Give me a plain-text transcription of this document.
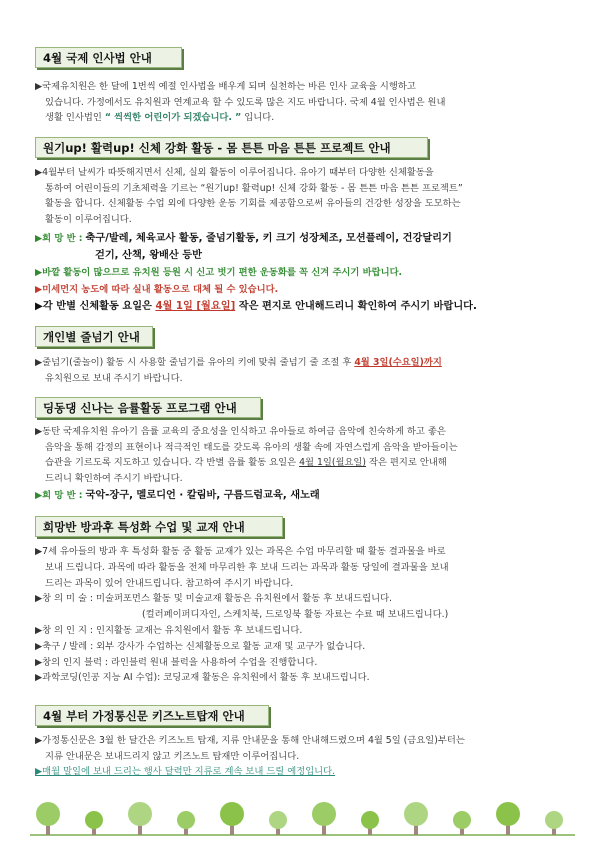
4월 국제 인사법 안내
▶국제유치원은 한 달에 1번씩 예절 인사법을 배우게 되며 실천하는 바른 인사 교육을 시행하고
있습니다. 가정에서도 유치원과 연계교육 할 수 있도록 많은 지도 바랍니다. 국제 4월 인사법은 원내
생활 인사법인 “ 씩씩한 어린이가 되겠습니다. ” 입니다.
원기up! 활력up! 신체 강화 활동 - 몸 튼튼 마음 튼튼 프로젝트 안내
▶4월부터 날씨가 따뜻해지면서 신체, 실외 활동이 이루어집니다. 유아기 때부터 다양한 신체활동을
통하여 어린이들의 기초체력을 기르는 “원기up! 활력up! 신체 강화 활동 - 몸 튼튼 마음 튼튼 프로젝트”
활동을 합니다. 신체활동 수업 외에 다양한 운동 기회를 제공함으로써 유아들의 건강한 성장을 도모하는
활동이 이루어집니다.
▶희 망 반 : 축구/발레, 체육교사 활동, 줄넘기활동, 키 크기 성장체조, 모션플레이, 건강달리기
걷기, 산책, 왕배산 등반
▶바깥 활동이 많으므로 유치원 등원 시 신고 벗기 편한 운동화를 꼭 신겨 주시기 바랍니다.
▶미세먼지 농도에 따라 실내 활동으로 대체 될 수 있습니다.
▶각 반별 신체활동 요일은 4월 1일 [월요일] 작은 편지로 안내해드리니 확인하여 주시기 바랍니다.
개인별 줄넘기 안내
▶줄넘기(줄놀이) 활동 시 사용할 줄넘기를 유아의 키에 맞춰 줄넘기 줄 조절 후 4월 3일(수요일)까지
유치원으로 보내 주시기 바랍니다.
딩동댕 신나는 음률활동 프로그램 안내
▶동탄 국제유치원 유아기 음률 교육의 중요성을 인식하고 유아들로 하여금 음악에 친숙하게 하고 좋은
음악을 통해 감정의 표현이나 적극적인 태도를 갖도록 유아의 생활 속에 자연스럽게 음악을 받아들이는
습관을 기르도록 지도하고 있습니다. 각 반별 음률 활동 요일은 4월 1일(월요일) 작은 편지로 안내해
드리니 확인하여 주시기 바랍니다.
▶희 망 반 : 국악-장구, 멜로디언 · 칼림바, 구름드럼교육, 새노래
희망반 방과후 특성화 수업 및 교재 안내
▶7세 유아들의 방과 후 특성화 활동 중 활동 교재가 있는 과목은 수업 마무리할 때 활동 결과물을 바로
보내 드립니다. 과목에 따라 활동을 전체 마무리한 후 보내 드리는 과목과 활동 당일에 결과물을 보내
드리는 과목이 있어 안내드립니다. 참고하여 주시기 바랍니다.
▶창 의 미 술 : 미술퍼포먼스 활동 및 미술교재 활동은 유치원에서 활동 후 보내드립니다.
(컬러페이퍼디자인, 스케치북, 드로잉북 활동 자료는 수료 때 보내드립니다.)
▶창 의 인 지 : 인지활동 교재는 유치원에서 활동 후 보내드립니다.
▶축구 / 발레 : 외부 강사가 수업하는 신체활동으로 활동 교재 및 교구가 없습니다.
▶창의 인지 블럭 : 라인블럭 원내 블럭을 사용하여 수업을 진행합니다.
▶과학코딩(인공 지능 AI 수업): 코딩교재 활동은 유치원에서 활동 후 보내드립니다.
4월 부터 가정통신문 키즈노트탑재 안내
▶가정통신문은 3월 한 달간은 키즈노트 탑재, 지류 안내문을 통해 안내해드렸으며 4월 5일 (금요일)부터는
지류 안내문은 보내드리지 않고 키즈노트 탑재만 이루어집니다.
▶매월 말일에 보내 드리는 행사 달력만 지류로 계속 보내 드릴 예정입니다.
